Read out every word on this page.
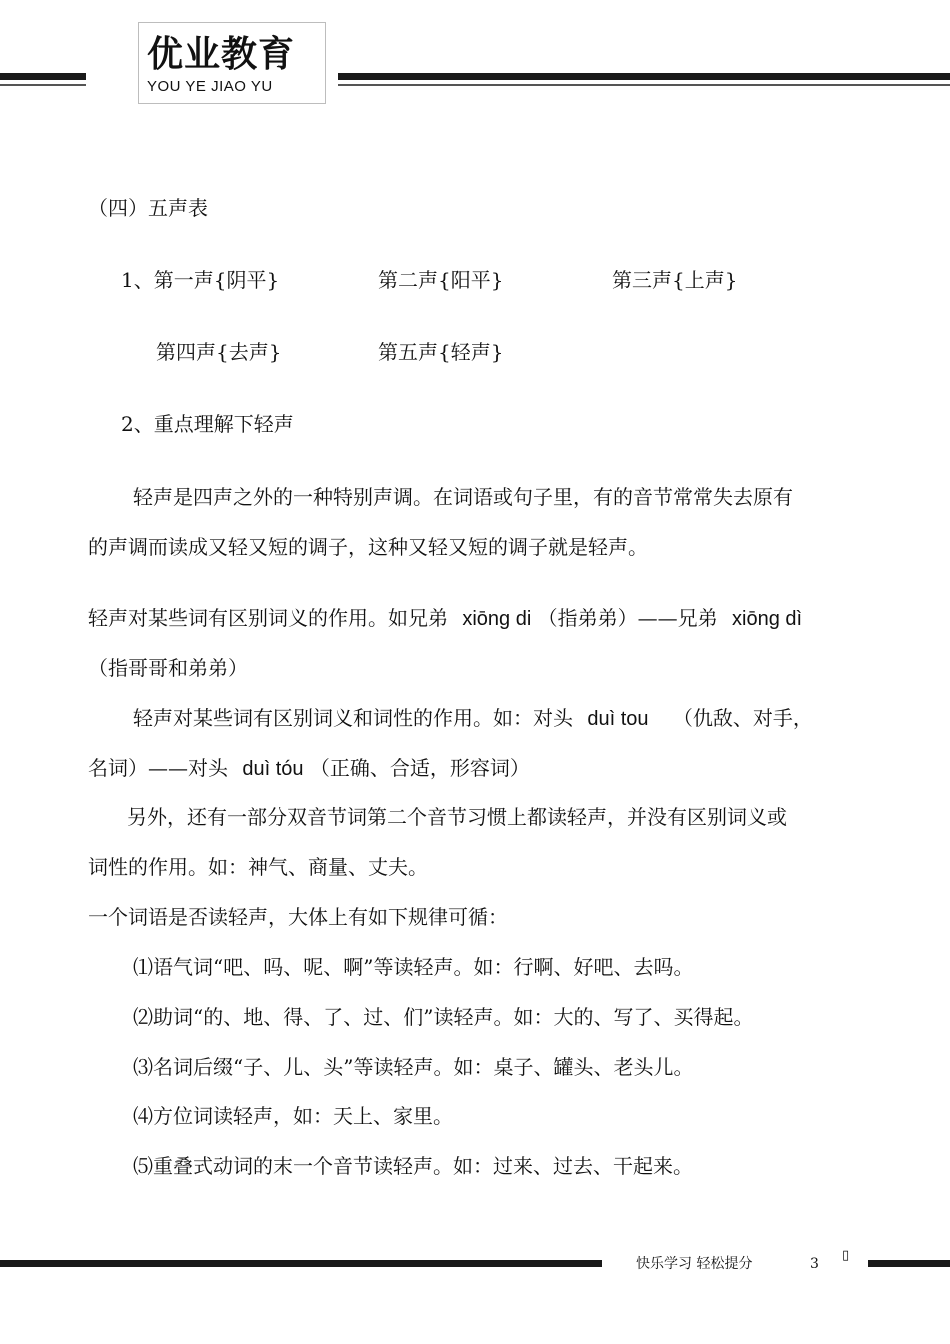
优业教育
YOU YE JIAO YU
（四）五声表
1、第一声{阴平}	第二声{阳平}	第三声{上声}
第四声{去声}	第五声{轻声}
2、重点理解下轻声
轻声是四声之外的一种特别声调。在词语或句子里，有的音节常常失去原有
的声调而读成又轻又短的调子，这种又轻又短的调子就是轻声。
轻声对某些词有区别词义的作用。如兄弟 xiōng di （指弟弟）——兄弟 xiōng dì
（指哥哥和弟弟）
轻声对某些词有区别词义和词性的作用。如：对头 duì tou （仇敌、对手，
名词）——对头 duì tóu （正确、合适，形容词）
另外，还有一部分双音节词第二个音节习惯上都读轻声，并没有区别词义或
词性的作用。如：神气、商量、丈夫。
一个词语是否读轻声，大体上有如下规律可循：
⑴语气词“吧、吗、呢、啊”等读轻声。如：行啊、好吧、去吗。
⑵助词“的、地、得、了、过、们”读轻声。如：大的、写了、买得起。
⑶名词后缀“子、儿、头”等读轻声。如：桌子、罐头、老头儿。
⑷方位词读轻声，如：天上、家里。
⑸重叠式动词的末一个音节读轻声。如：过来、过去、干起来。
快乐学习 轻松提分	3
▯
